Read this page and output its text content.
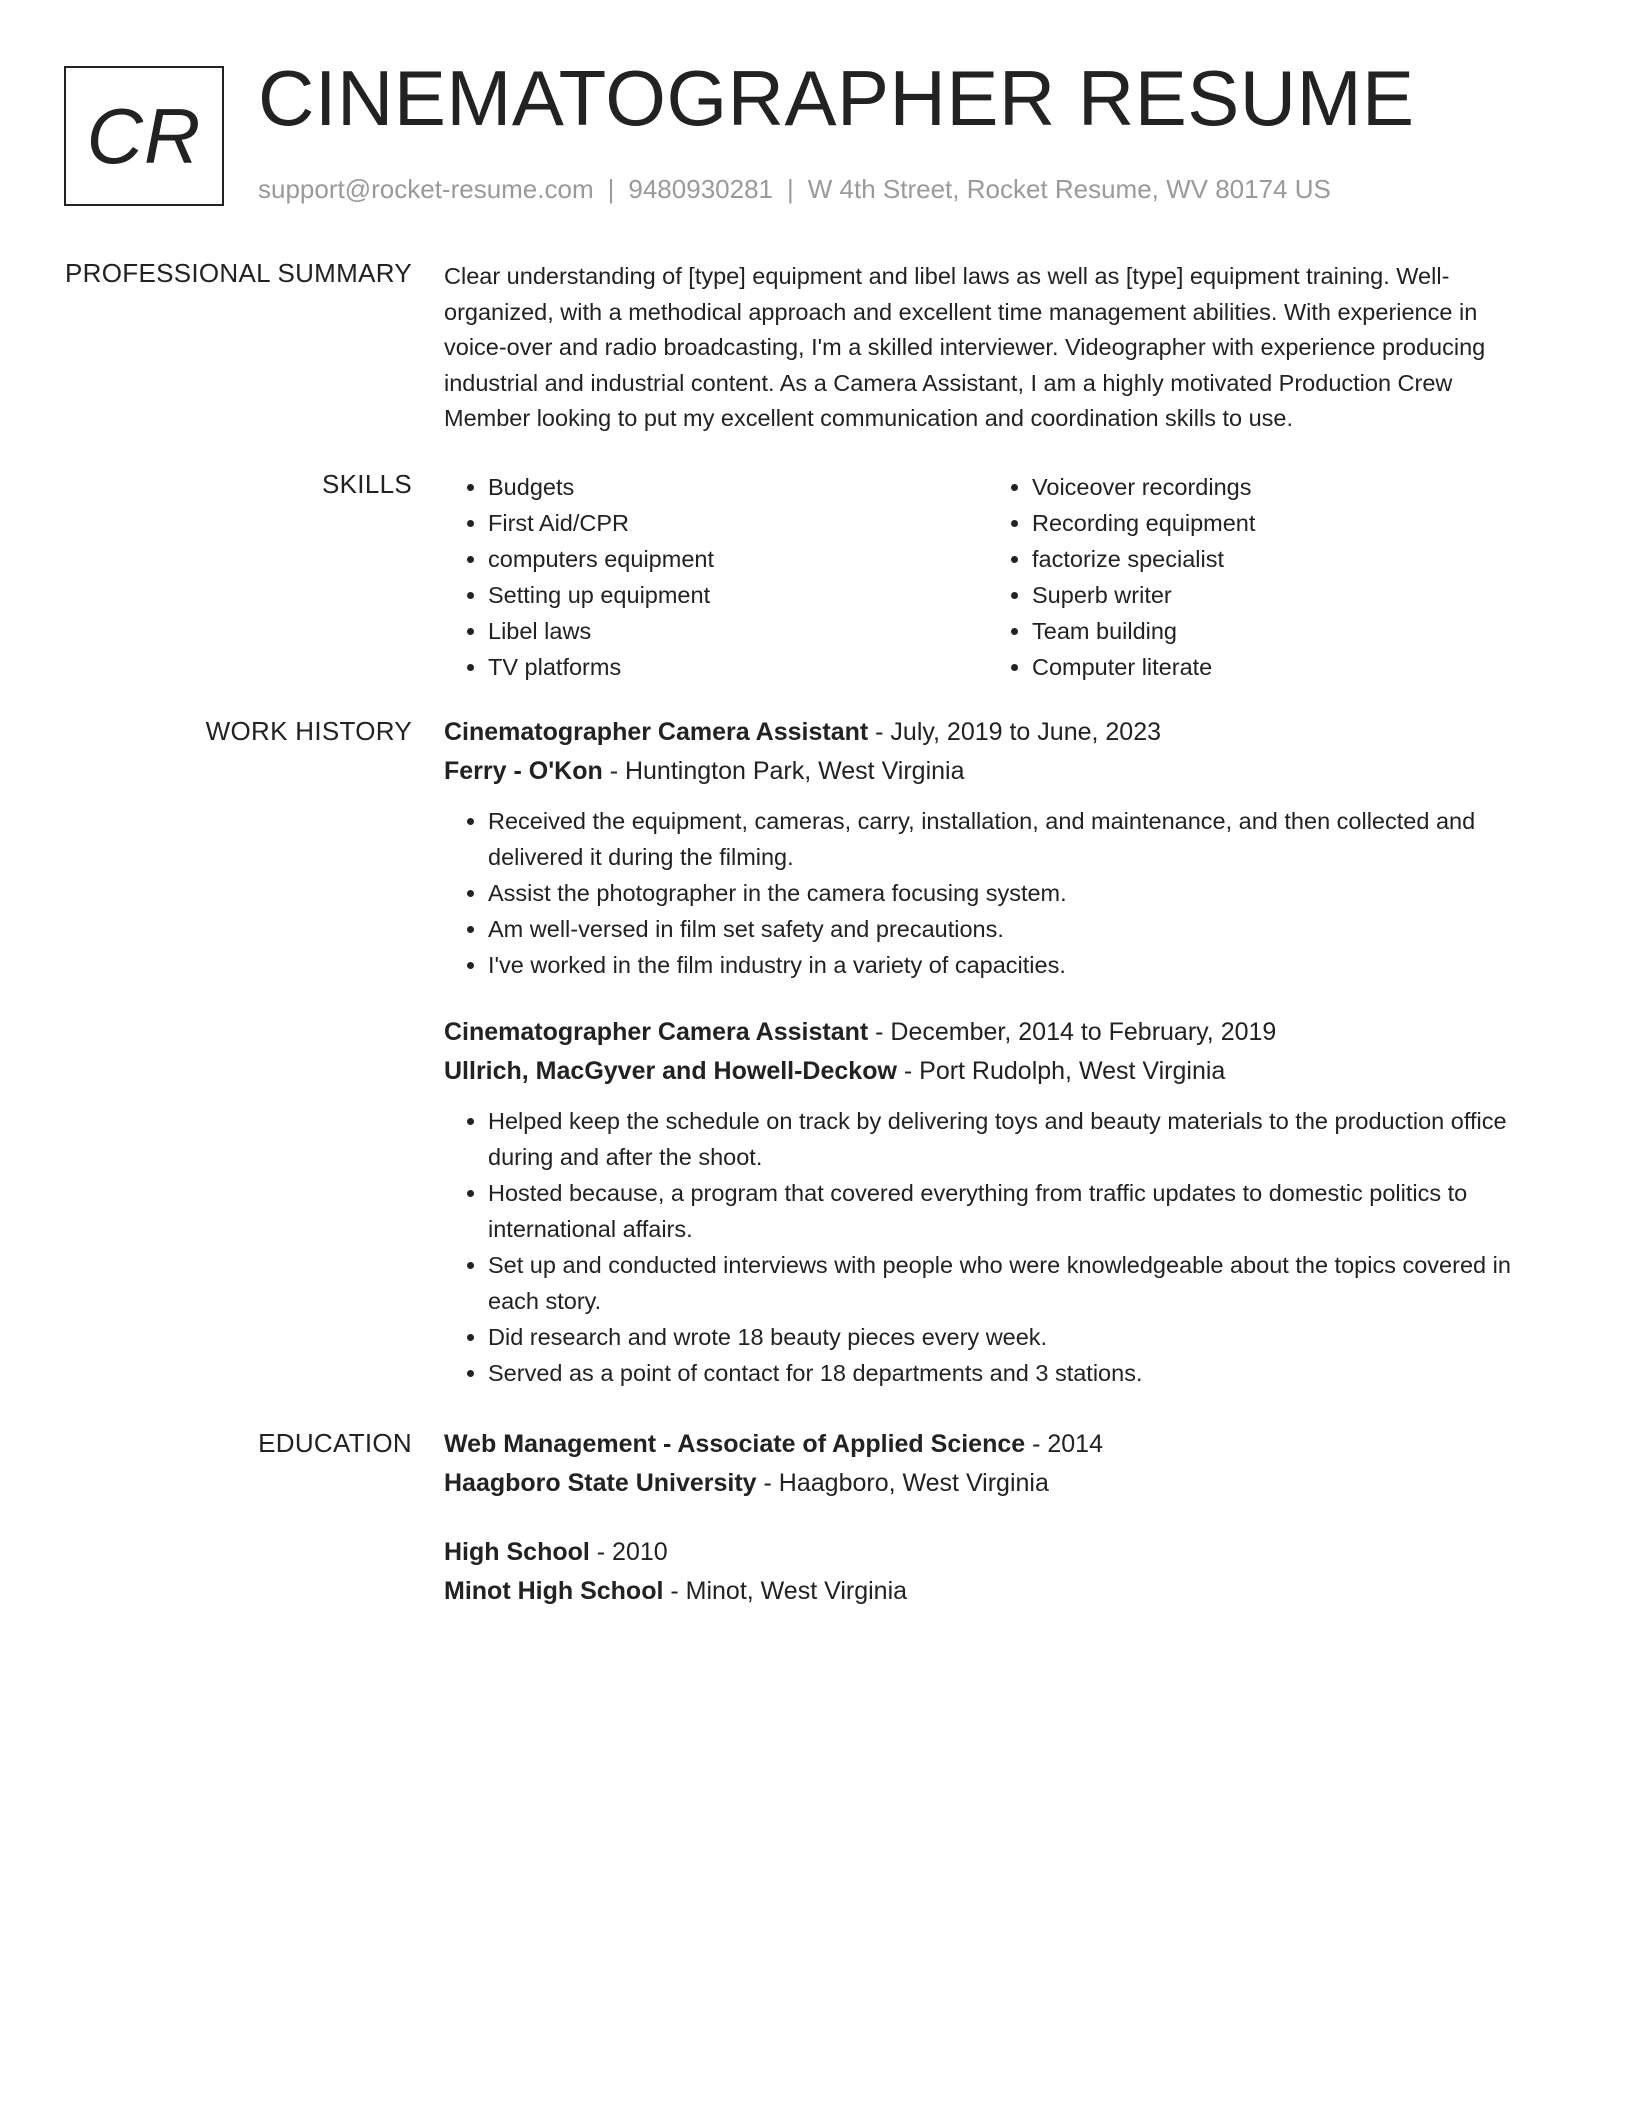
CR CINEMATOGRAPHER RESUME
support@rocket-resume.com | 9480930281 | W 4th Street, Rocket Resume, WV 80174 US
PROFESSIONAL SUMMARY Clear understanding of [type] equipment and libel laws as well as [type] equipment training. Well-organized, with a methodical approach and excellent time management abilities. With experience in voice-over and radio broadcasting, I'm a skilled interviewer. Videographer with experience producing industrial and industrial content. As a Camera Assistant, I am a highly motivated Production Crew Member looking to put my excellent communication and coordination skills to use.
SKILLS
•	Budgets
• First Aid/CPR
• computers equipment
• Setting up equipment
• Libel laws
• TV platforms
• Voiceover recordings
• Recording equipment
• factorize specialist
• Superb writer
• Team building
• Computer literate
WORK HISTORY Cinematographer Camera Assistant - July, 2019 to June, 2023
Ferry - O'Kon - Huntington Park, West Virginia
• Received the equipment, cameras, carry, installation, and maintenance, and then collected and delivered it during the filming.
• Assist the photographer in the camera focusing system.
• Am well-versed in film set safety and precautions.
• I've worked in the film industry in a variety of capacities.
Cinematographer Camera Assistant - December, 2014 to February, 2019
Ullrich, MacGyver and Howell-Deckow - Port Rudolph, West Virginia
• Helped keep the schedule on track by delivering toys and beauty materials to the production office during and after the shoot.
• Hosted because, a program that covered everything from traffic updates to domestic politics to international affairs.
• Set up and conducted interviews with people who were knowledgeable about the topics covered in each story.
• Did research and wrote 18 beauty pieces every week.
• Served as a point of contact for 18 departments and 3 stations.
EDUCATION Web Management - Associate of Applied Science - 2014
Haagboro State University - Haagboro, West Virginia
High School - 2010
Minot High School - Minot, West Virginia
